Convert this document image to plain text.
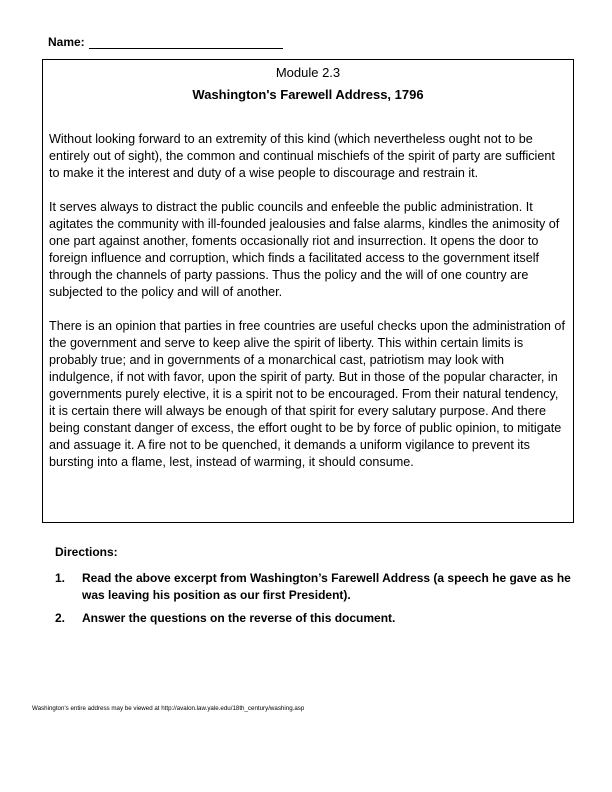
Name:
Module 2.3
Washington's Farewell Address, 1796

Without looking forward to an extremity of this kind (which nevertheless ought not to be entirely out of sight), the common and continual mischiefs of the spirit of party are sufficient to make it the interest and duty of a wise people to discourage and restrain it.

It serves always to distract the public councils and enfeeble the public administration. It agitates the community with ill-founded jealousies and false alarms, kindles the animosity of one part against another, foments occasionally riot and insurrection. It opens the door to foreign influence and corruption, which finds a facilitated access to the government itself through the channels of party passions. Thus the policy and the will of one country are subjected to the policy and will of another.

There is an opinion that parties in free countries are useful checks upon the administration of the government and serve to keep alive the spirit of liberty. This within certain limits is probably true; and in governments of a monarchical cast, patriotism may look with indulgence, if not with favor, upon the spirit of party. But in those of the popular character, in governments purely elective, it is a spirit not to be encouraged. From their natural tendency, it is certain there will always be enough of that spirit for every salutary purpose. And there being constant danger of excess, the effort ought to be by force of public opinion, to mitigate and assuage it. A fire not to be quenched, it demands a uniform vigilance to prevent its bursting into a flame, lest, instead of warming, it should consume.

Directions:
1.	Read the above excerpt from Washington’s Farewell Address (a speech he gave as he was leaving his position as our first President).
2.	Answer the questions on the reverse of this document.
Washington's entire address may be viewed at http://avalon.law.yale.edu/18th_century/washing.asp
